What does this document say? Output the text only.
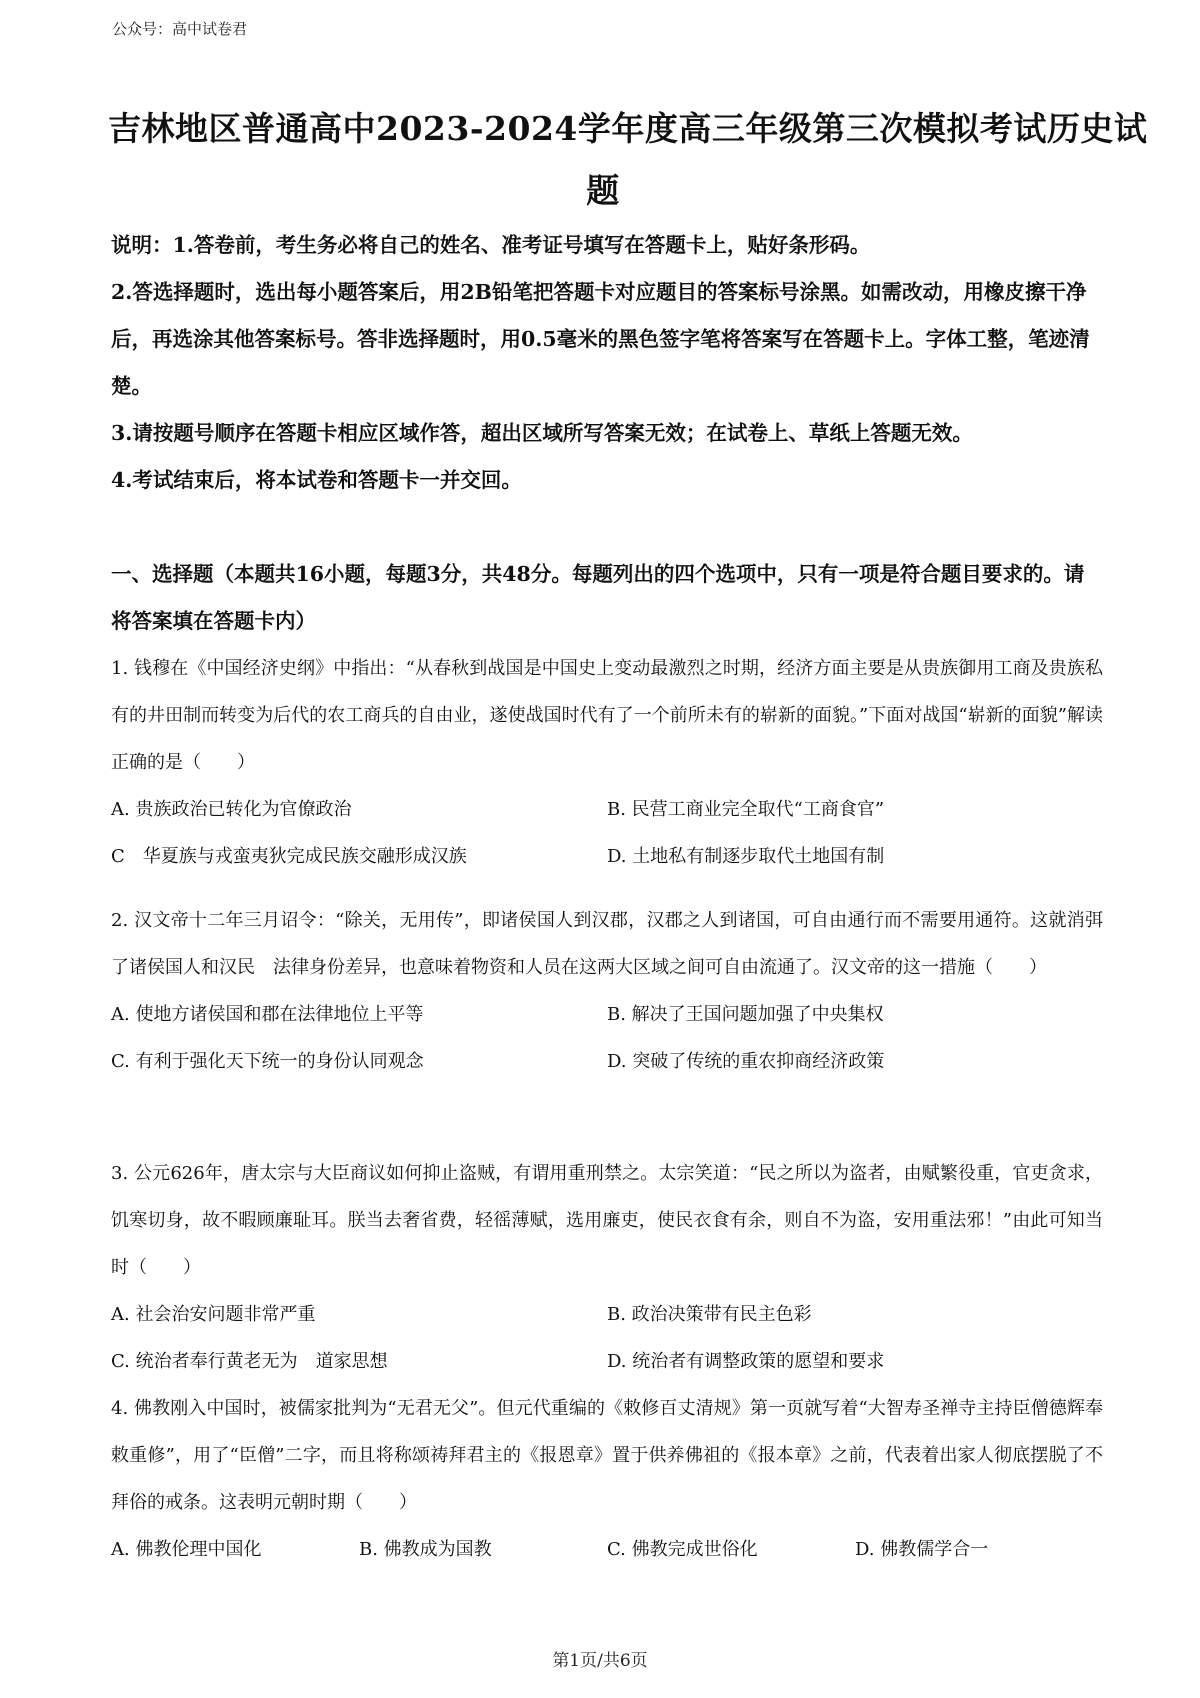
公众号：高中试卷君
吉林地区普通高中2023-2024学年度高三年级第三次模拟考试历史试
题

说明：1.答卷前，考生务必将自己的姓名、准考证号填写在答题卡上，贴好条形码。

2.答选择题时，选出每小题答案后，用2B铅笔把答题卡对应题目的答案标号涂黑。如需改动，用橡皮擦干净后，再选涂其他答案标号。答非选择题时，用0.5毫米的黑色签字笔将答案写在答题卡上。字体工整，笔迹清楚。

3.请按题号顺序在答题卡相应区域作答，超出区域所写答案无效；在试卷上、草纸上答题无效。

4.考试结束后，将本试卷和答题卡一并交回。

一、选择题（本题共16小题，每题3分，共48分。每题列出的四个选项中，只有一项是符合题目要求的。请将答案填在答题卡内）

1. 钱穆在《中国经济史纲》中指出：“从春秋到战国是中国史上变动最激烈之时期，经济方面主要是从贵族御用工商及贵族私有的井田制而转变为后代的农工商兵的自由业，遂使战国时代有了一个前所未有的崭新的面貌。”下面对战国“崭新的面貌”解读正确的是（　　）

A. 贵族政治已转化为官僚政治	B. 民营工商业完全取代“工商食官”
C　华夏族与戎蛮夷狄完成民族交融形成汉族	D. 土地私有制逐步取代土地国有制

2. 汉文帝十二年三月诏令：“除关，无用传”，即诸侯国人到汉郡，汉郡之人到诸国，可自由通行而不需要用通符。这就消弭了诸侯国人和汉民　法律身份差异，也意味着物资和人员在这两大区域之间可自由流通了。汉文帝的这一措施（　　）

A. 使地方诸侯国和郡在法律地位上平等	B. 解决了王国问题加强了中央集权
C. 有利于强化天下统一的身份认同观念	D. 突破了传统的重农抑商经济政策

3. 公元626年，唐太宗与大臣商议如何抑止盗贼，有谓用重刑禁之。太宗笑道：“民之所以为盗者，由赋繁役重，官吏贪求，饥寒切身，故不暇顾廉耻耳。朕当去奢省费，轻徭薄赋，选用廉吏，使民衣食有余，则自不为盗，安用重法邪！”由此可知当时（　　）

A. 社会治安问题非常严重	B. 政治决策带有民主色彩
C. 统治者奉行黄老无为　道家思想	D. 统治者有调整政策的愿望和要求

4. 佛教刚入中国时，被儒家批判为“无君无父”。但元代重编的《敕修百丈清规》第一页就写着“大智寿圣禅寺主持臣僧德辉奉敕重修”，用了“臣僧”二字，而且将称颂祷拜君主的《报恩章》置于供养佛祖的《报本章》之前，代表着出家人彻底摆脱了不拜俗的戒条。这表明元朝时期（　　）

A. 佛教伦理中国化	B. 佛教成为国教	C. 佛教完成世俗化	D. 佛教儒学合一
第1页/共6页
